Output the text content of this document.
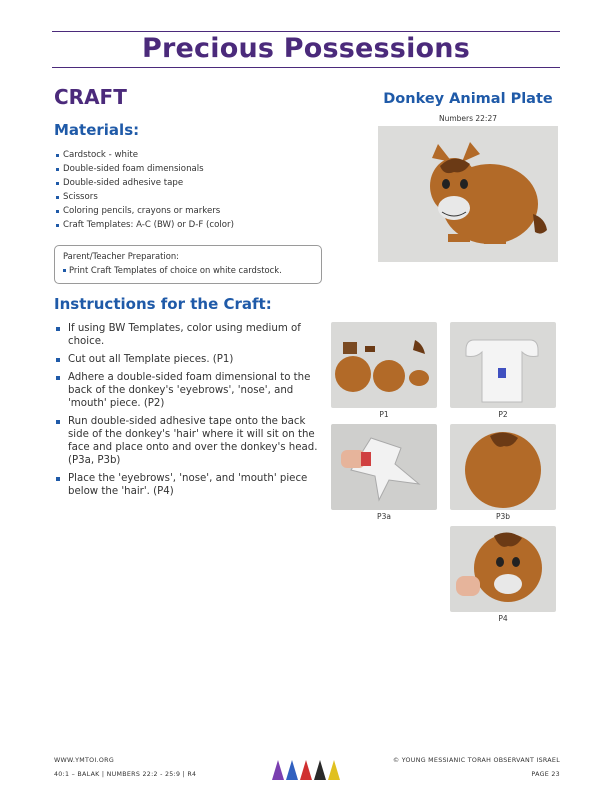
Precious Possessions
CRAFT
Materials:
Cardstock - white
Double-sided foam dimensionals
Double-sided adhesive tape
Scissors
Coloring pencils, crayons or markers
Craft Templates: A-C (BW) or D-F (color)
Parent/Teacher Preparation:
Print Craft Templates of choice on white cardstock.
Instructions for the Craft:
If using BW Templates, color using medium of choice.
Cut out all Template pieces. (P1)
Adhere a double-sided foam dimensional to the back of the donkey's 'eyebrows', 'nose', and 'mouth' piece. (P2)
Run double-sided adhesive tape onto the back side of the donkey's 'hair' where it will sit on the face and place onto and over the donkey's head. (P3a, P3b)
Place the 'eyebrows', 'nose', and 'mouth' piece below the 'hair'. (P4)
Donkey Animal Plate
Numbers 22:27
P1	P2
P3a	P3b
P4
WWW.YMTOI.ORG
40:1 – BALAK | NUMBERS 22:2 - 25:9 | R4
© YOUNG MESSIANIC TORAH OBSERVANT ISRAEL
PAGE 23
